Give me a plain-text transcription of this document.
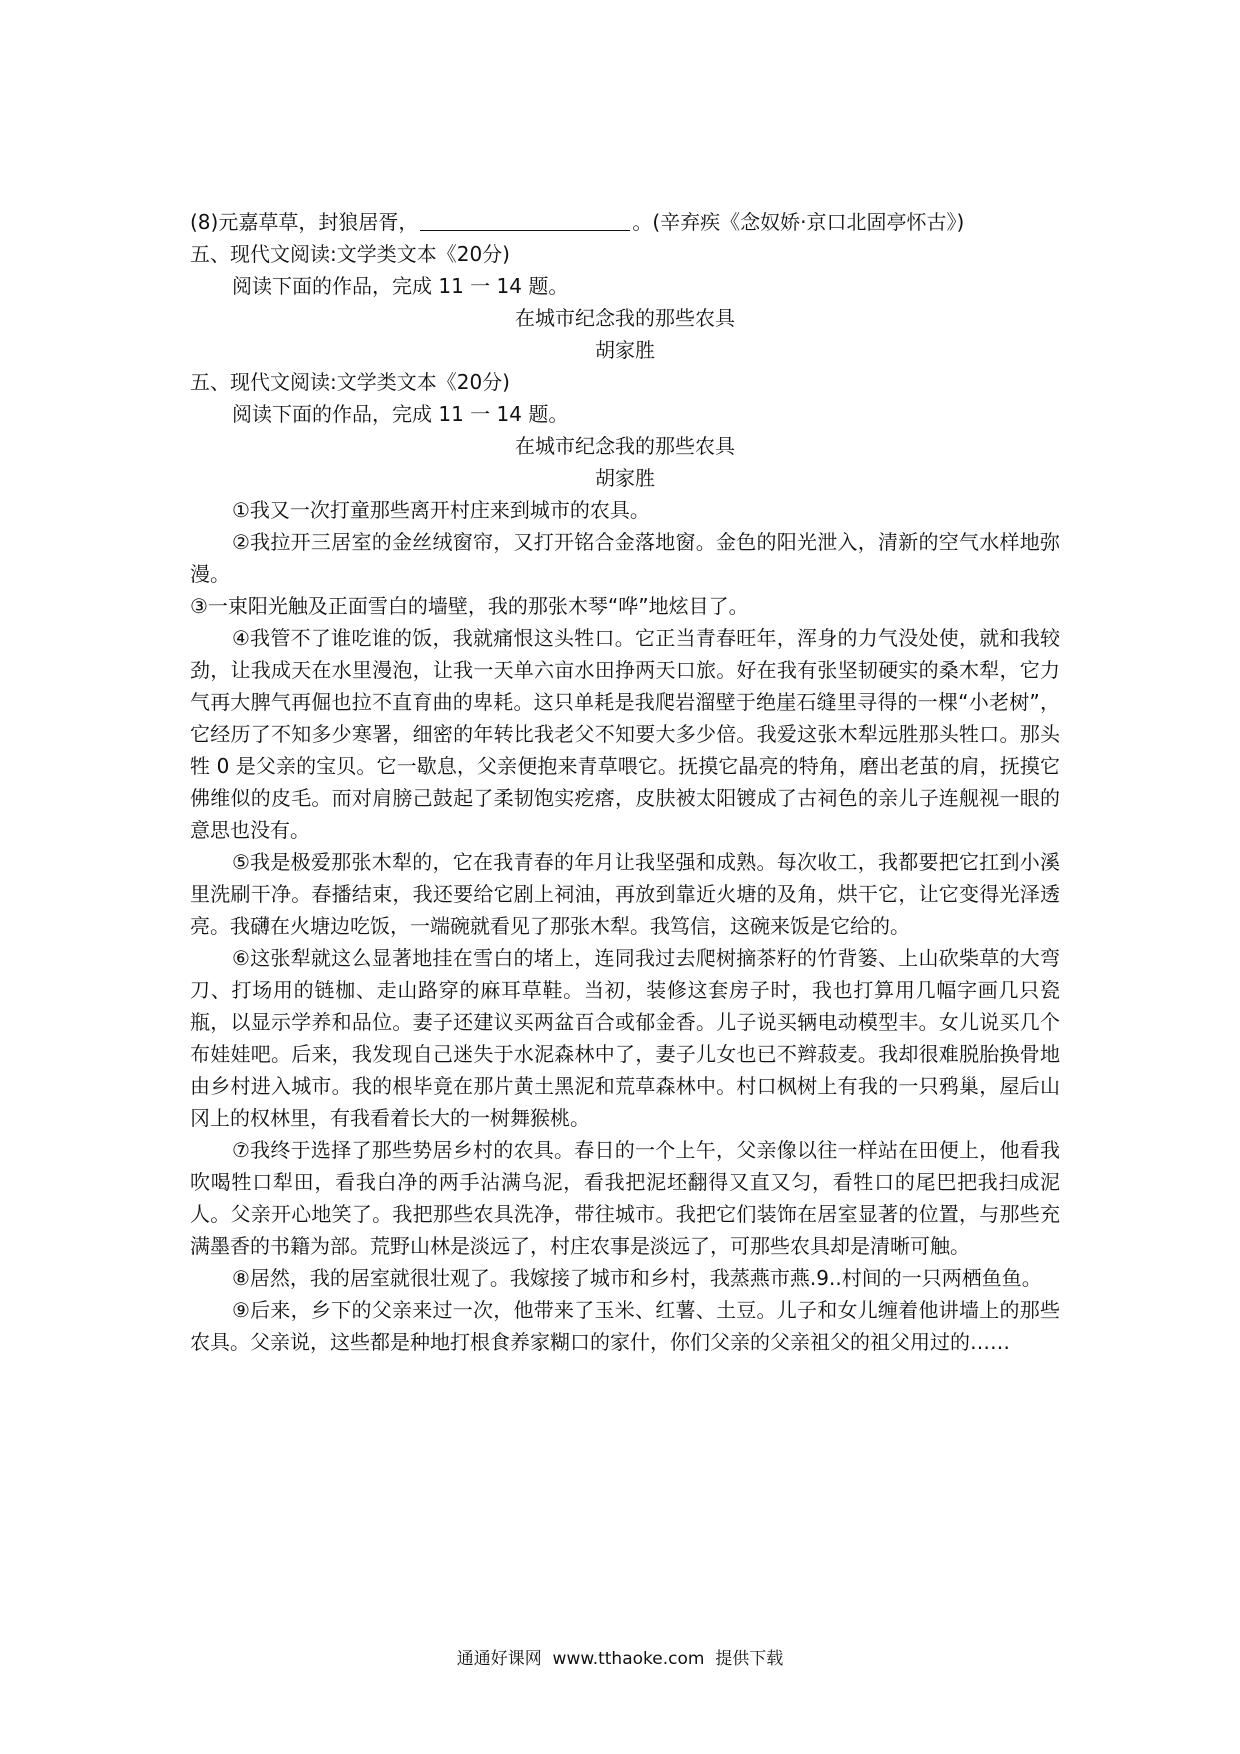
(8)元嘉草草，封狼居胥，	。(辛弃疾《念奴娇·京口北固亭怀古》)

五、现代文阅读:文学类文本《20分)

阅读下面的作品，完成 11 一 14 题。

在城市纪念我的那些农具

胡家胜

五、现代文阅读:文学类文本《20分)

阅读下面的作品，完成 11 一 14 题。

在城市纪念我的那些农具

胡家胜

①我又一次打童那些离开村庄来到城市的农具。

②我拉开三居室的金丝绒窗帘，又打开铭合金落地窗。金色的阳光泄入，清新的空气水样地弥漫。

③一束阳光触及正面雪白的墙壁，我的那张木琴“哗”地炫目了。

④我管不了谁吃谁的饭，我就痛恨这头牲口。它正当青春旺年，浑身的力气没处使，就和我较劲，让我成天在水里漫泡，让我一天单六亩水田挣两天口旅。好在我有张坚韧硬实的桑木犁，它力气再大脾气再倔也拉不直育曲的卑耗。这只单耗是我爬岩溜壁于绝崖石缝里寻得的一棵“小老树”，它经历了不知多少寒署，细密的年转比我老父不知要大多少倍。我爱这张木犁远胜那头牲口。那头牲 0 是父亲的宝贝。它一歇息，父亲便抱来青草喂它。抚摸它晶亮的特角，磨出老茧的肩，抚摸它佛维似的皮毛。而对肩膀己鼓起了柔韧饱实疙瘩，皮肤被太阳镀成了古祠色的亲儿子连舰视一眼的意思也没有。

⑤我是极爱那张木犁的，它在我青春的年月让我坚强和成熟。每次收工，我都要把它扛到小溪里洗刷干净。春播结束，我还要给它剧上祠油，再放到靠近火塘的及角，烘干它，让它变得光泽透亮。我礴在火塘边吃饭，一端碗就看见了那张木犁。我笃信，这碗来饭是它给的。

⑥这张犁就这么显著地挂在雪白的堵上，连同我过去爬树摘茶籽的竹背篓、上山砍柴草的大弯刀、打场用的链枷、走山路穿的麻耳草鞋。当初，装修这套房子时，我也打算用几幅字画几只瓷瓶，以显示学养和品位。妻子还建议买两盆百合或郁金香。儿子说买辆电动模型丰。女儿说买几个布娃娃吧。后来，我发现自己迷失于水泥森林中了，妻子儿女也已不辫菽麦。我却很难脱胎换骨地由乡村进入城市。我的根毕竟在那片黄土黑泥和荒草森林中。村口枫树上有我的一只鸦巢，屋后山冈上的权林里，有我看着长大的一树舞猴桃。

⑦我终于选择了那些势居乡村的农具。春日的一个上午，父亲像以往一样站在田便上，他看我吹喝牲口犁田，看我白净的两手沾满乌泥，看我把泥坯翻得又直又匀，看牲口的尾巴把我扫成泥人。父亲开心地笑了。我把那些农具洗净，带往城市。我把它们装饰在居室显著的位置，与那些充满墨香的书籍为部。荒野山林是淡远了，村庄农事是淡远了，可那些农具却是清晰可触。

⑧居然，我的居室就很壮观了。我嫁接了城市和乡村，我蒸燕市燕.9..村间的一只两栖鱼鱼。

⑨后来，乡下的父亲来过一次，他带来了玉米、红薯、土豆。儿子和女儿缠着他讲墙上的那些农具。父亲说，这些都是种地打根食养家糊口的家什，你们父亲的父亲祖父的祖父用过的……

通通好课网  www.tthaoke.com  提供下载
